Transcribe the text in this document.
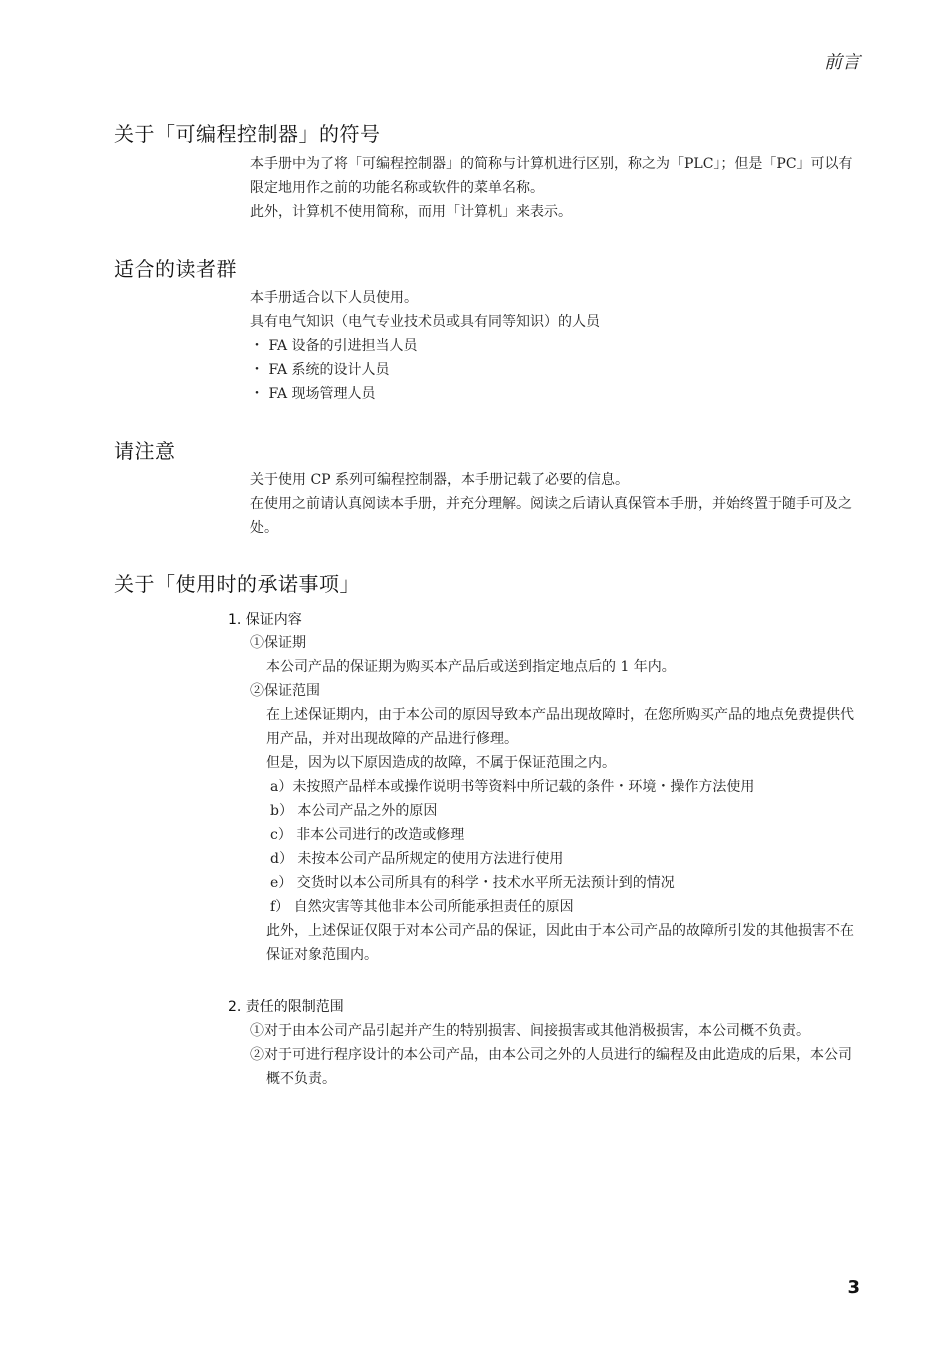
前言
关于「可编程控制器」的符号

本手册中为了将「可编程控制器」的简称与计算机进行区别，称之为「PLC」；但是「PC」可以有限定地用作之前的功能名称或软件的菜单名称。

此外，计算机不使用简称，而用「计算机」来表示。

适合的读者群

本手册适合以下人员使用。

具有电气知识（电气专业技术员或具有同等知识）的人员

・ FA 设备的引进担当人员

・ FA 系统的设计人员

・ FA 现场管理人员

请注意

关于使用 CP 系列可编程控制器，本手册记载了必要的信息。

在使用之前请认真阅读本手册，并充分理解。阅读之后请认真保管本手册，并始终置于随手可及之处。

关于「使用时的承诺事项」
1. 保证内容

①保证期

本公司产品的保证期为购买本产品后或送到指定地点后的 1 年内。

②保证范围

在上述保证期内，由于本公司的原因导致本产品出现故障时，在您所购买产品的地点免费提供代用产品，并对出现故障的产品进行修理。

但是，因为以下原因造成的故障，不属于保证范围之内。

a）未按照产品样本或操作说明书等资料中所记载的条件・环境・操作方法使用

b） 本公司产品之外的原因

c） 非本公司进行的改造或修理

d） 未按本公司产品所规定的使用方法进行使用

e） 交货时以本公司所具有的科学・技术水平所无法预计到的情况

f） 自然灾害等其他非本公司所能承担责任的原因

此外，上述保证仅限于对本公司产品的保证，因此由于本公司产品的故障所引发的其他损害不在保证对象范围内。

2. 责任的限制范围

①对于由本公司产品引起并产生的特别损害、间接损害或其他消极损害，本公司概不负责。

②对于可进行程序设计的本公司产品，由本公司之外的人员进行的编程及由此造成的后果，本公司概不负责。

3
